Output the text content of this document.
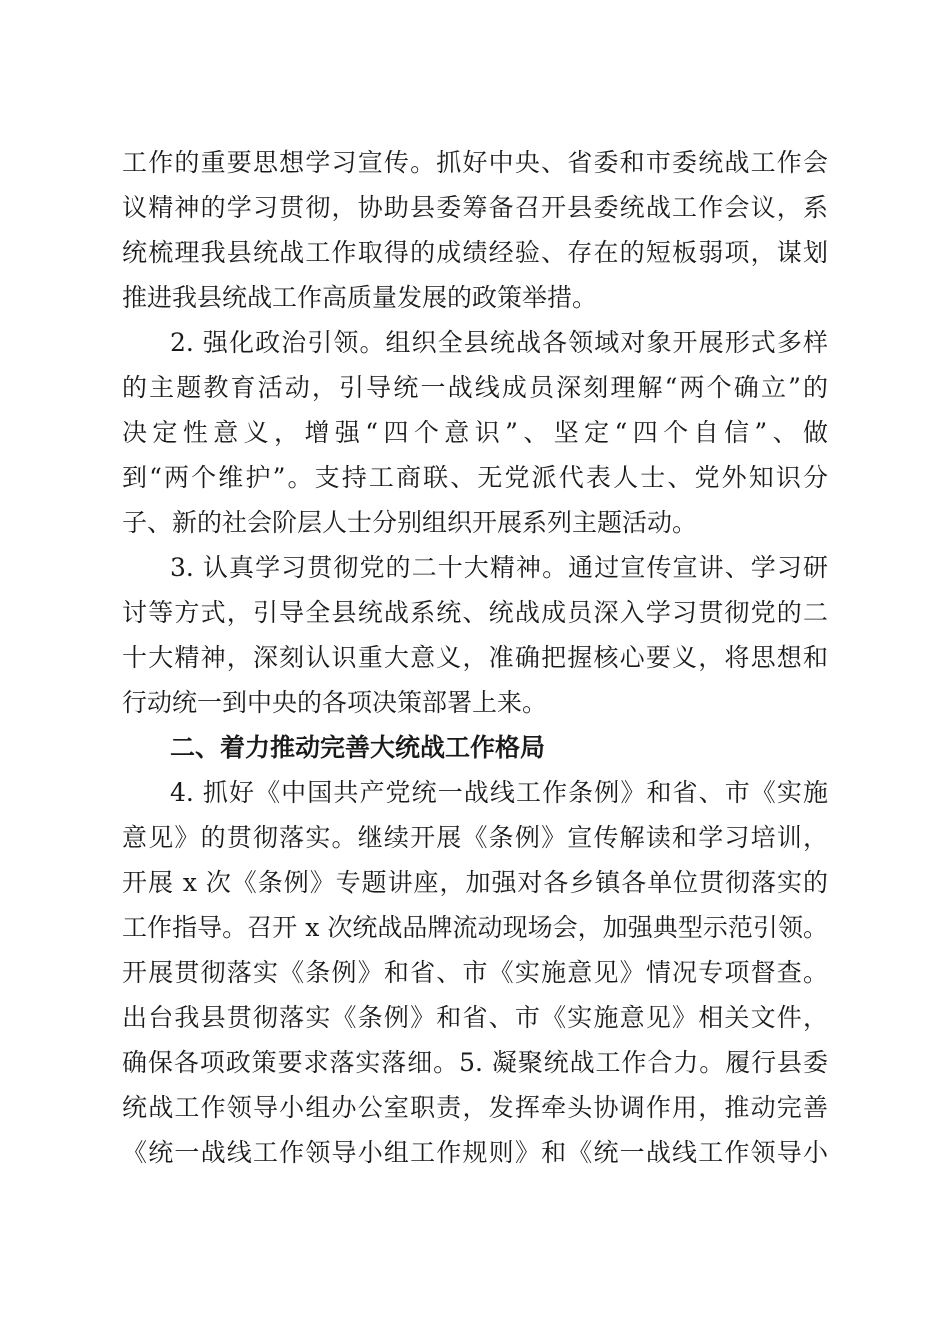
工作的重要思想学习宣传。抓好中央、省委和市委统战工作会
议精神的学习贯彻，协助县委筹备召开县委统战工作会议，系
统梳理我县统战工作取得的成绩经验、存在的短板弱项，谋划
推进我县统战工作高质量发展的政策举措。
2. 强化政治引领。组织全县统战各领域对象开展形式多样
的主题教育活动，引导统一战线成员深刻理解“两个确立”的
决定性意义，增强“四个意识”、坚定“四个自信”、做
到“两个维护”。支持工商联、无党派代表人士、党外知识分
子、新的社会阶层人士分别组织开展系列主题活动。
3. 认真学习贯彻党的二十大精神。通过宣传宣讲、学习研
讨等方式，引导全县统战系统、统战成员深入学习贯彻党的二
十大精神，深刻认识重大意义，准确把握核心要义，将思想和
行动统一到中央的各项决策部署上来。
二、着力推动完善大统战工作格局
4. 抓好《中国共产党统一战线工作条例》和省、市《实施
意见》的贯彻落实。继续开展《条例》宣传解读和学习培训，
开展 x 次《条例》专题讲座，加强对各乡镇各单位贯彻落实的
工作指导。召开 x 次统战品牌流动现场会，加强典型示范引领。
开展贯彻落实《条例》和省、市《实施意见》情况专项督查。
出台我县贯彻落实《条例》和省、市《实施意见》相关文件，
确保各项政策要求落实落细。5. 凝聚统战工作合力。履行县委
统战工作领导小组办公室职责，发挥牵头协调作用，推动完善
《统一战线工作领导小组工作规则》和《统一战线工作领导小
